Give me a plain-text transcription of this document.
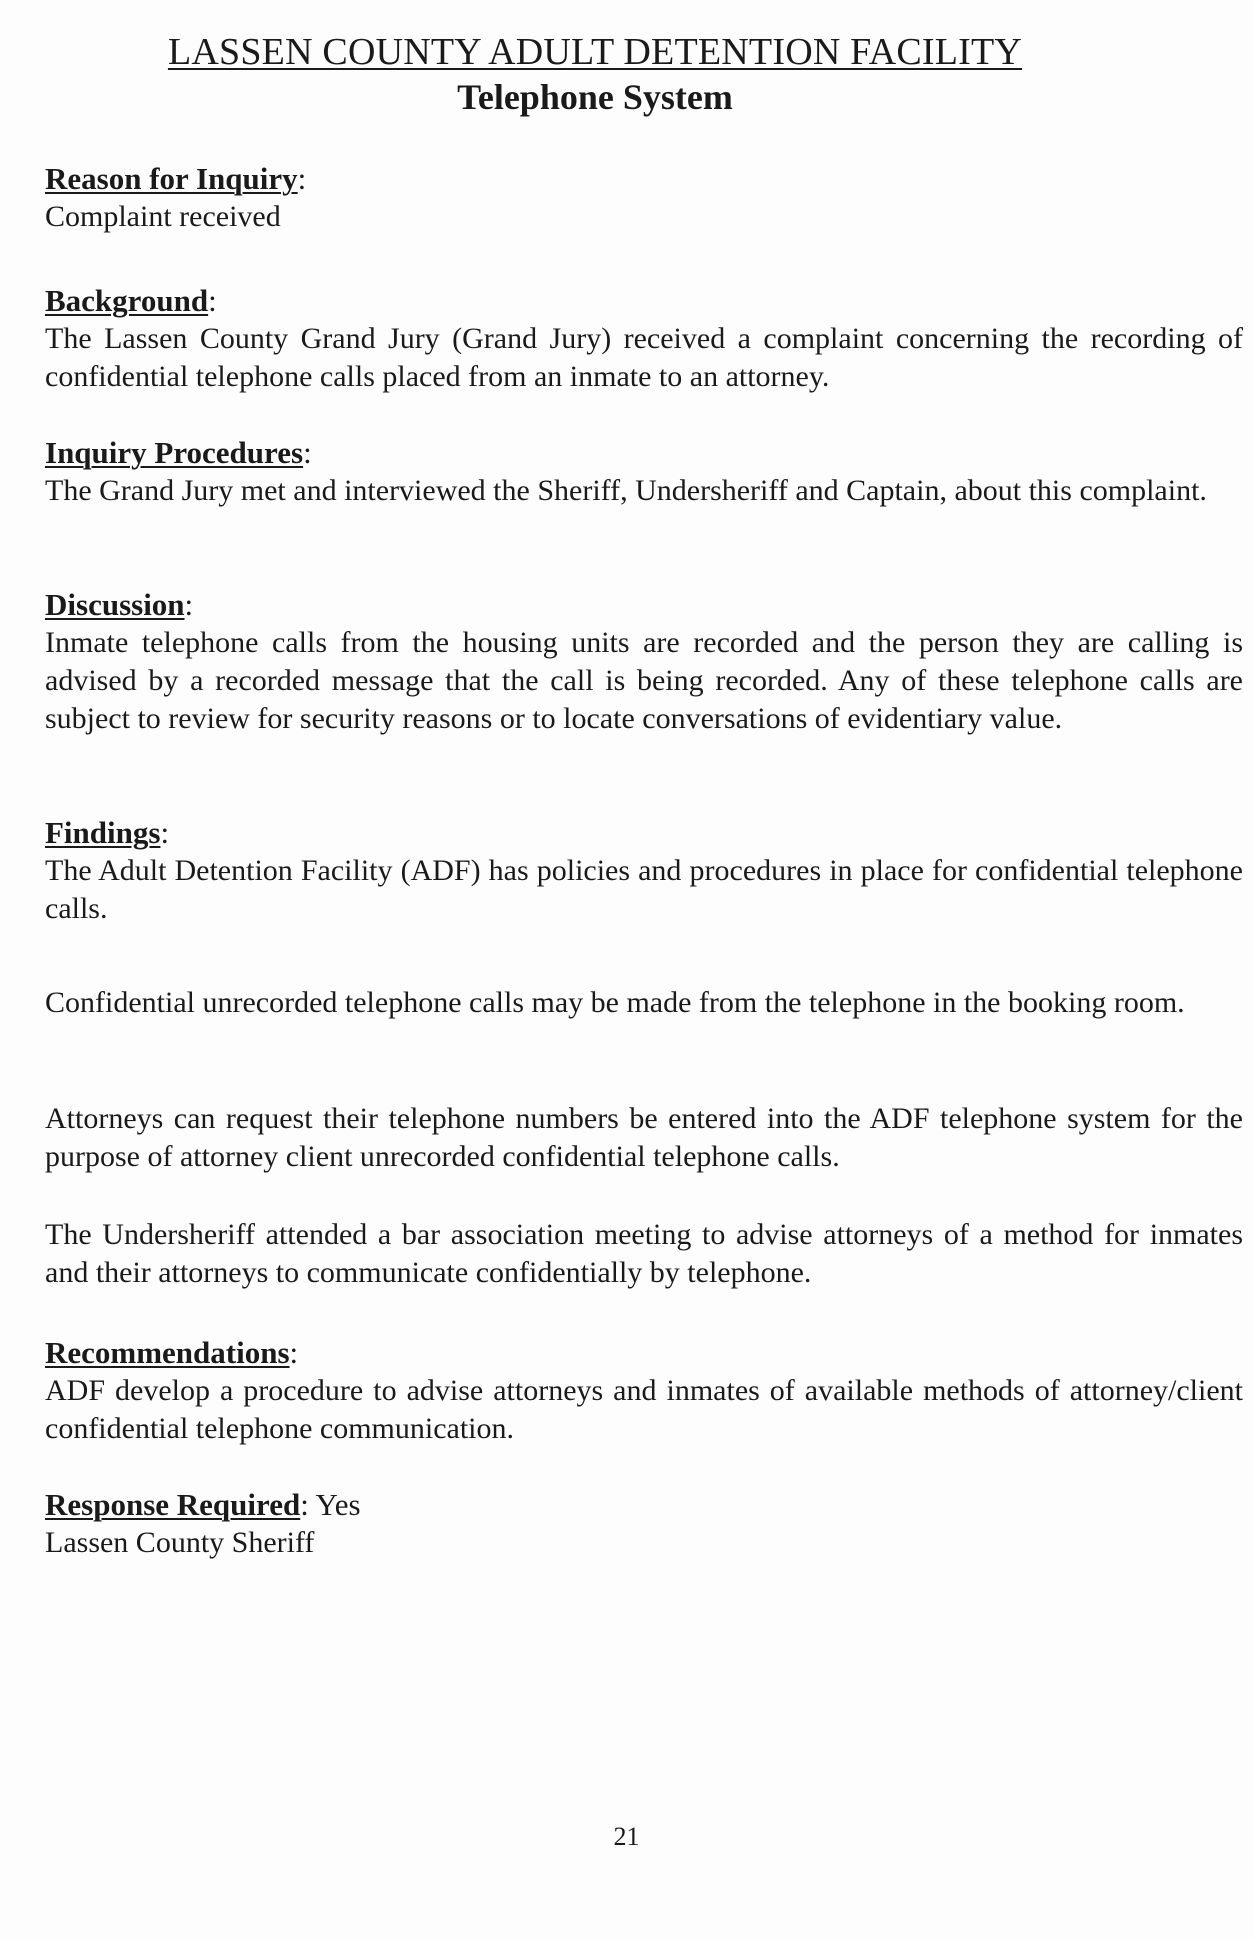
LASSEN COUNTY ADULT DETENTION FACILITY
Telephone System
Reason for Inquiry:

Complaint received

Background:

The Lassen County Grand Jury (Grand Jury) received a complaint concerning the recording of confidential telephone calls placed from an inmate to an attorney.

Inquiry Procedures:

The Grand Jury met and interviewed the Sheriff, Undersheriff and Captain, about this complaint.

Discussion:

Inmate telephone calls from the housing units are recorded and the person they are calling is advised by a recorded message that the call is being recorded. Any of these telephone calls are subject to review for security reasons or to locate conversations of evidentiary value.

Findings:

The Adult Detention Facility (ADF) has policies and procedures in place for confidential telephone calls.

Confidential unrecorded telephone calls may be made from the telephone in the booking room.

Attorneys can request their telephone numbers be entered into the ADF telephone system for the purpose of attorney client unrecorded confidential telephone calls.

The Undersheriff attended a bar association meeting to advise attorneys of a method for inmates and their attorneys to communicate confidentially by telephone.

Recommendations:

ADF develop a procedure to advise attorneys and inmates of available methods of attorney/client confidential telephone communication.

Response Required: Yes

Lassen County Sheriff

21
